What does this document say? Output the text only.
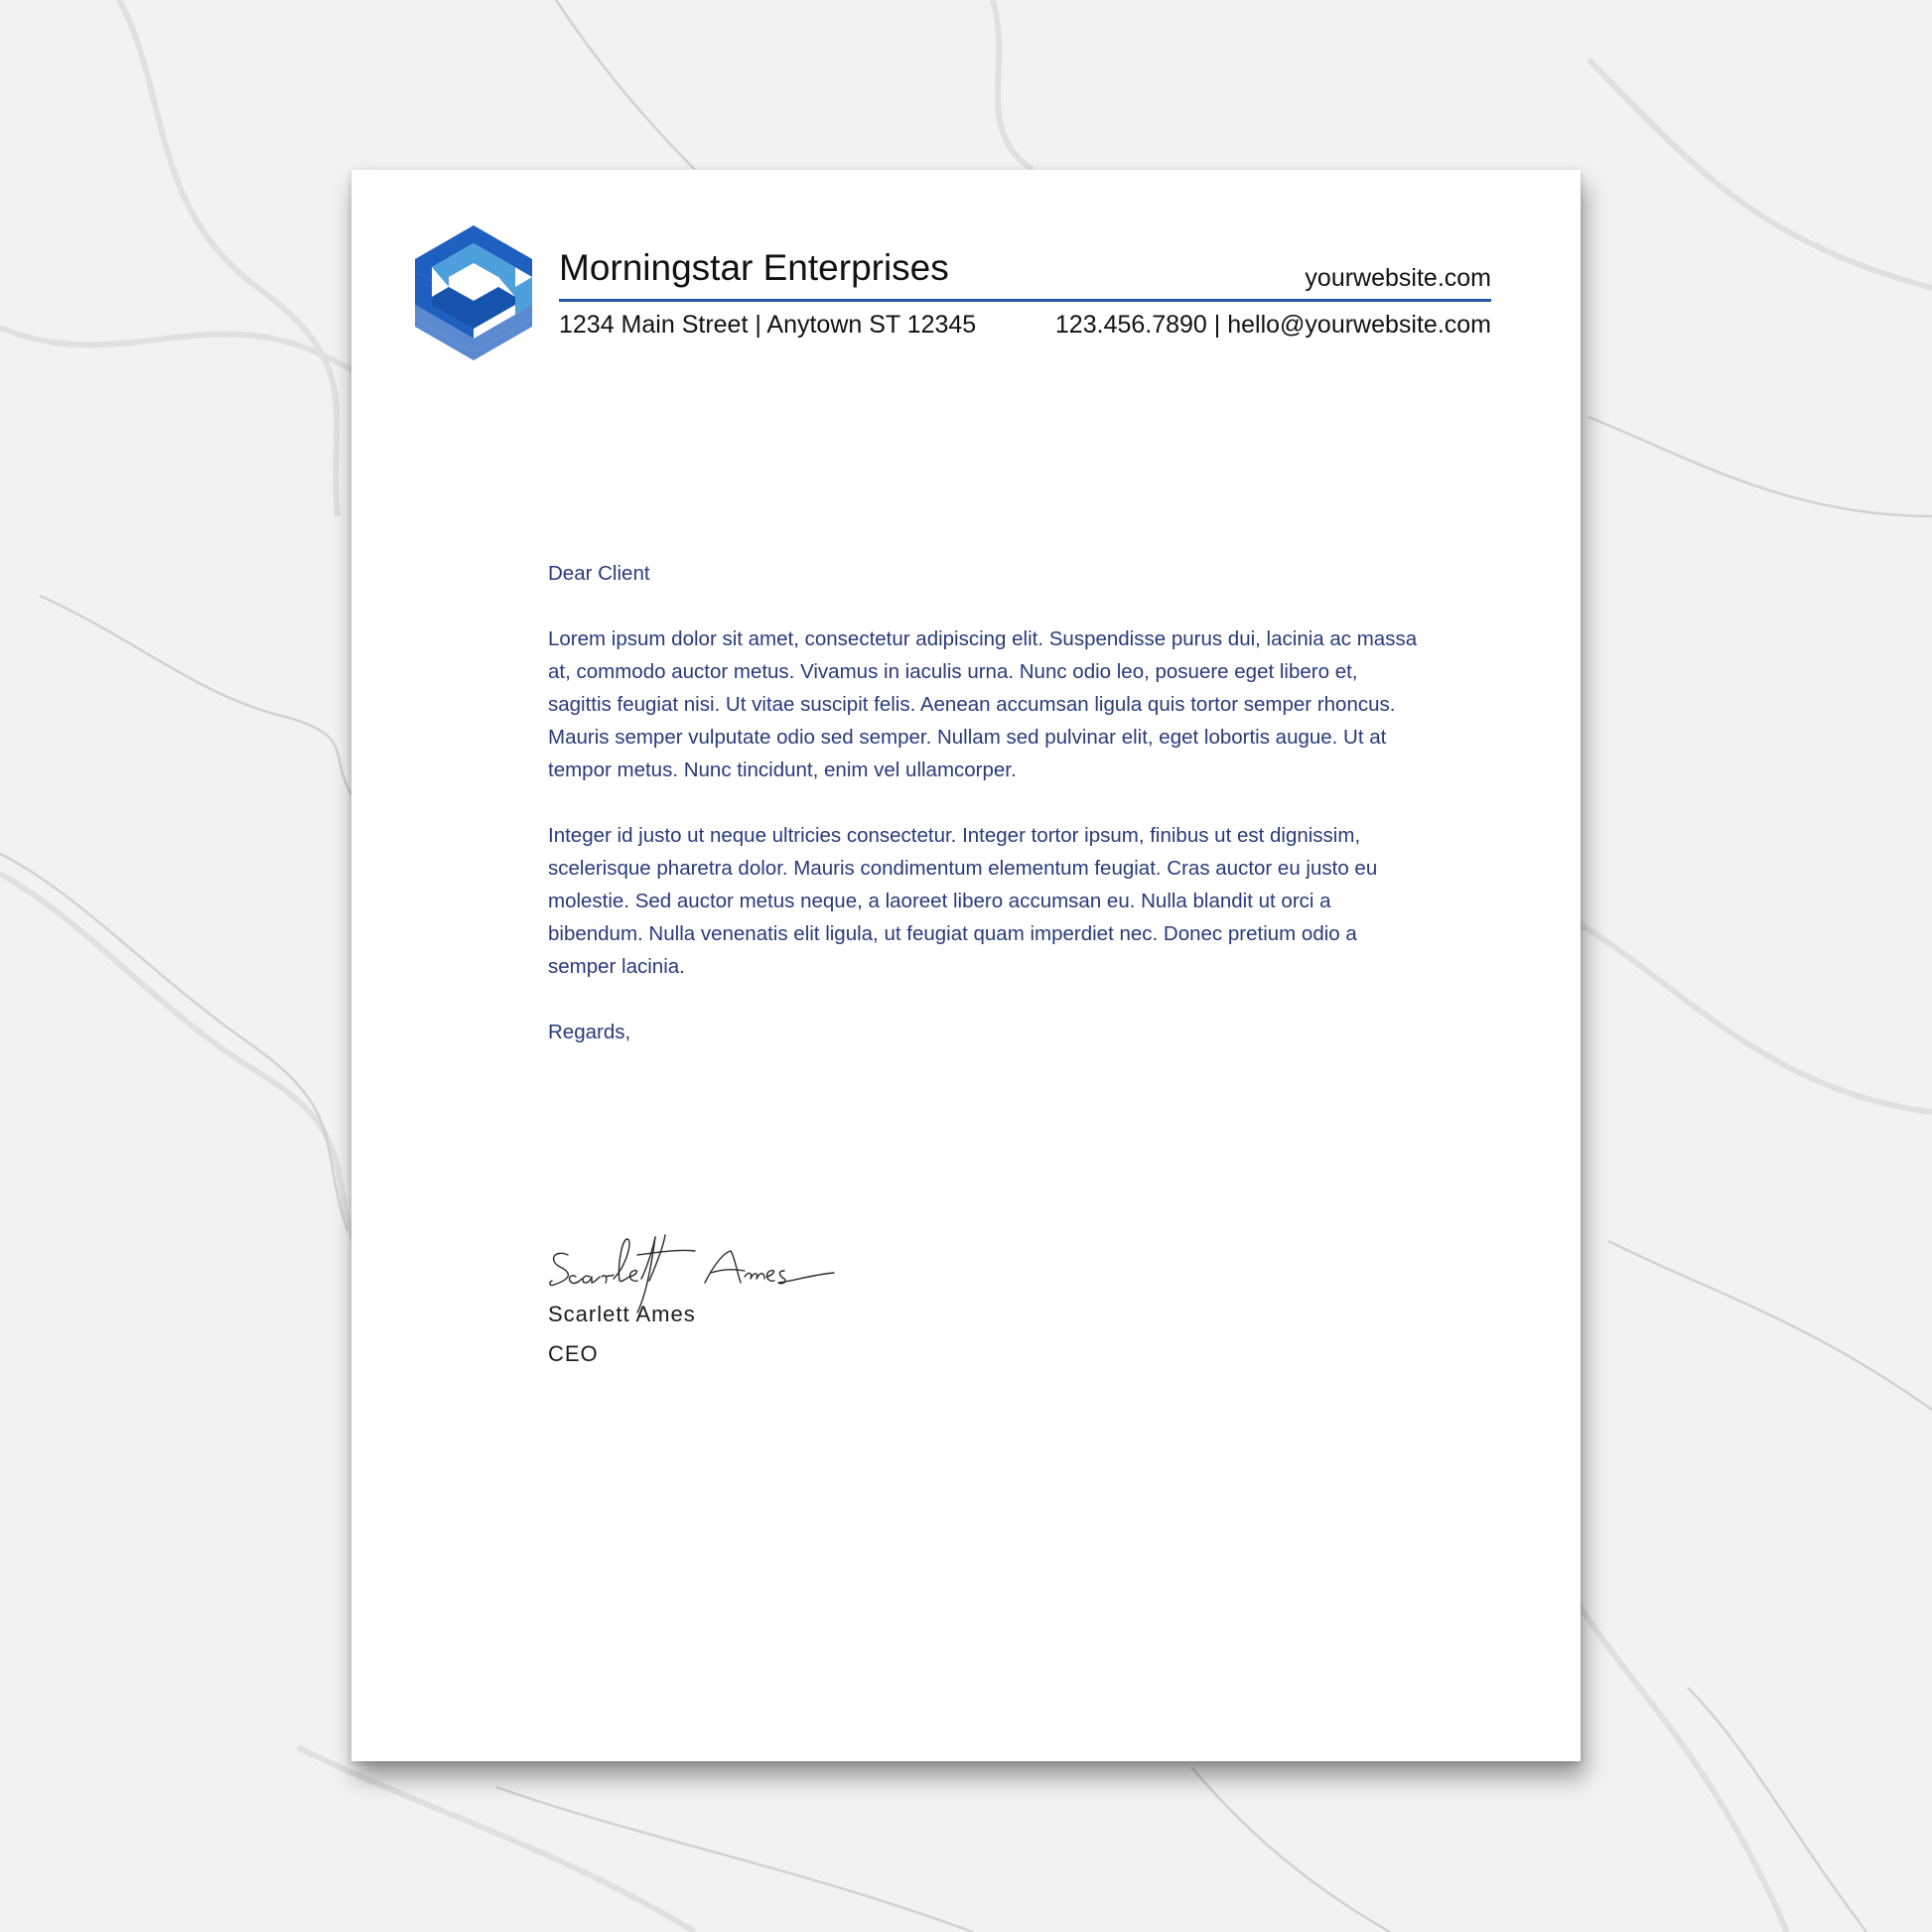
Morningstar Enterprises	yourwebsite.com
1234 Main Street | Anytown ST 12345	123.456.7890 | hello@yourwebsite.com

Dear Client

Lorem ipsum dolor sit amet, consectetur adipiscing elit. Suspendisse purus dui, lacinia ac massa at, commodo auctor metus. Vivamus in iaculis urna. Nunc odio leo, posuere eget libero et, sagittis feugiat nisi. Ut vitae suscipit felis. Aenean accumsan ligula quis tortor semper rhoncus. Mauris semper vulputate odio sed semper. Nullam sed pulvinar elit, eget lobortis augue. Ut at tempor metus. Nunc tincidunt, enim vel ullamcorper.

Integer id justo ut neque ultricies consectetur. Integer tortor ipsum, finibus ut est dignissim, scelerisque pharetra dolor. Mauris condimentum elementum feugiat. Cras auctor eu justo eu molestie. Sed auctor metus neque, a laoreet libero accumsan eu. Nulla blandit ut orci a bibendum. Nulla venenatis elit ligula, ut feugiat quam imperdiet nec. Donec pretium odio a semper lacinia.

Regards,

Scarlett Ames
CEO
